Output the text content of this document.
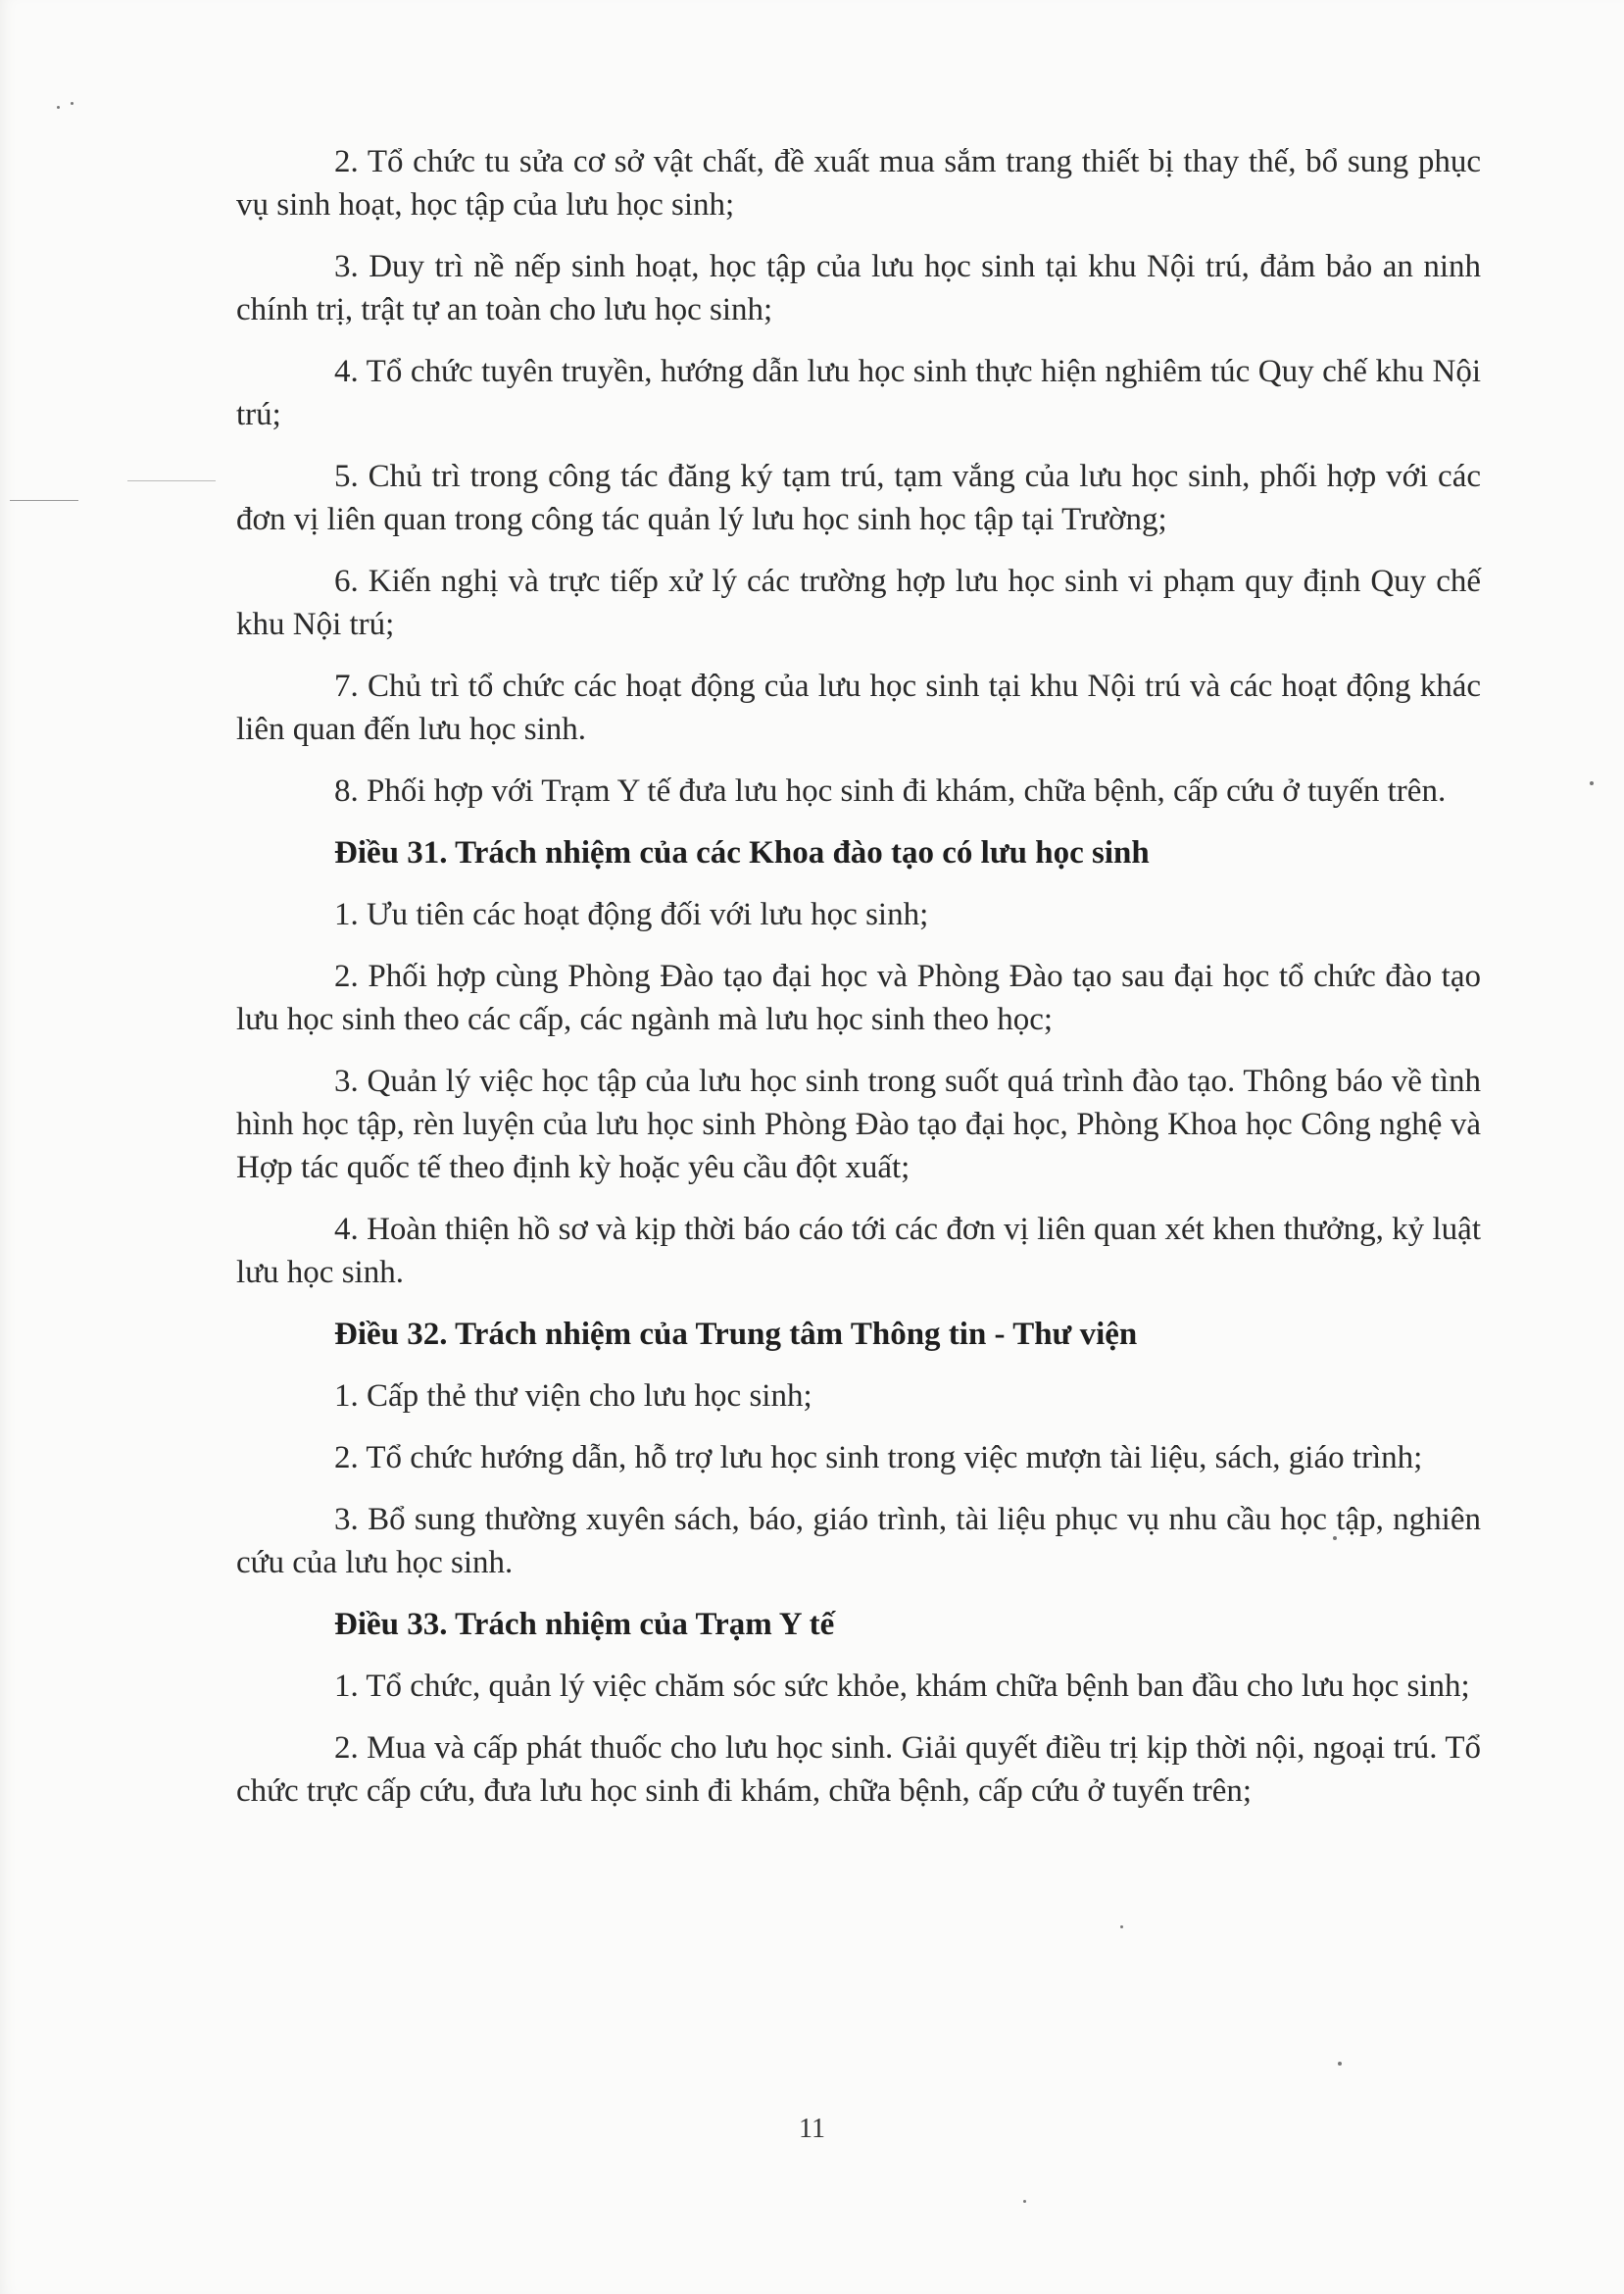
2. Tổ chức tu sửa cơ sở vật chất, đề xuất mua sắm trang thiết bị thay thế, bổ sung phục vụ sinh hoạt, học tập của lưu học sinh;

3. Duy trì nề nếp sinh hoạt, học tập của lưu học sinh tại khu Nội trú, đảm bảo an ninh chính trị, trật tự an toàn cho lưu học sinh;

4. Tổ chức tuyên truyền, hướng dẫn lưu học sinh thực hiện nghiêm túc Quy chế khu Nội trú;

5. Chủ trì trong công tác đăng ký tạm trú, tạm vắng của lưu học sinh, phối hợp với các đơn vị liên quan trong công tác quản lý lưu học sinh học tập tại Trường;

6. Kiến nghị và trực tiếp xử lý các trường hợp lưu học sinh vi phạm quy định Quy chế khu Nội trú;

7. Chủ trì tổ chức các hoạt động của lưu học sinh tại khu Nội trú và các hoạt động khác liên quan đến lưu học sinh.

8. Phối hợp với Trạm Y tế đưa lưu học sinh đi khám, chữa bệnh, cấp cứu ở tuyến trên.

Điều 31. Trách nhiệm của các Khoa đào tạo có lưu học sinh

1. Ưu tiên các hoạt động đối với lưu học sinh;

2. Phối hợp cùng Phòng Đào tạo đại học và Phòng Đào tạo sau đại học tổ chức đào tạo lưu học sinh theo các cấp, các ngành mà lưu học sinh theo học;

3. Quản lý việc học tập của lưu học sinh trong suốt quá trình đào tạo. Thông báo về tình hình học tập, rèn luyện của lưu học sinh Phòng Đào tạo đại học, Phòng Khoa học Công nghệ và Hợp tác quốc tế theo định kỳ hoặc yêu cầu đột xuất;

4. Hoàn thiện hồ sơ và kịp thời báo cáo tới các đơn vị liên quan xét khen thưởng, kỷ luật lưu học sinh.

Điều 32. Trách nhiệm của Trung tâm Thông tin - Thư viện

1. Cấp thẻ thư viện cho lưu học sinh;

2. Tổ chức hướng dẫn, hỗ trợ lưu học sinh trong việc mượn tài liệu, sách, giáo trình;

3. Bổ sung thường xuyên sách, báo, giáo trình, tài liệu phục vụ nhu cầu học tập, nghiên cứu của lưu học sinh.

Điều 33. Trách nhiệm của Trạm Y tế

1. Tổ chức, quản lý việc chăm sóc sức khỏe, khám chữa bệnh ban đầu cho lưu học sinh;

2. Mua và cấp phát thuốc cho lưu học sinh. Giải quyết điều trị kịp thời nội, ngoại trú. Tổ chức trực cấp cứu, đưa lưu học sinh đi khám, chữa bệnh, cấp cứu ở tuyến trên;

11
